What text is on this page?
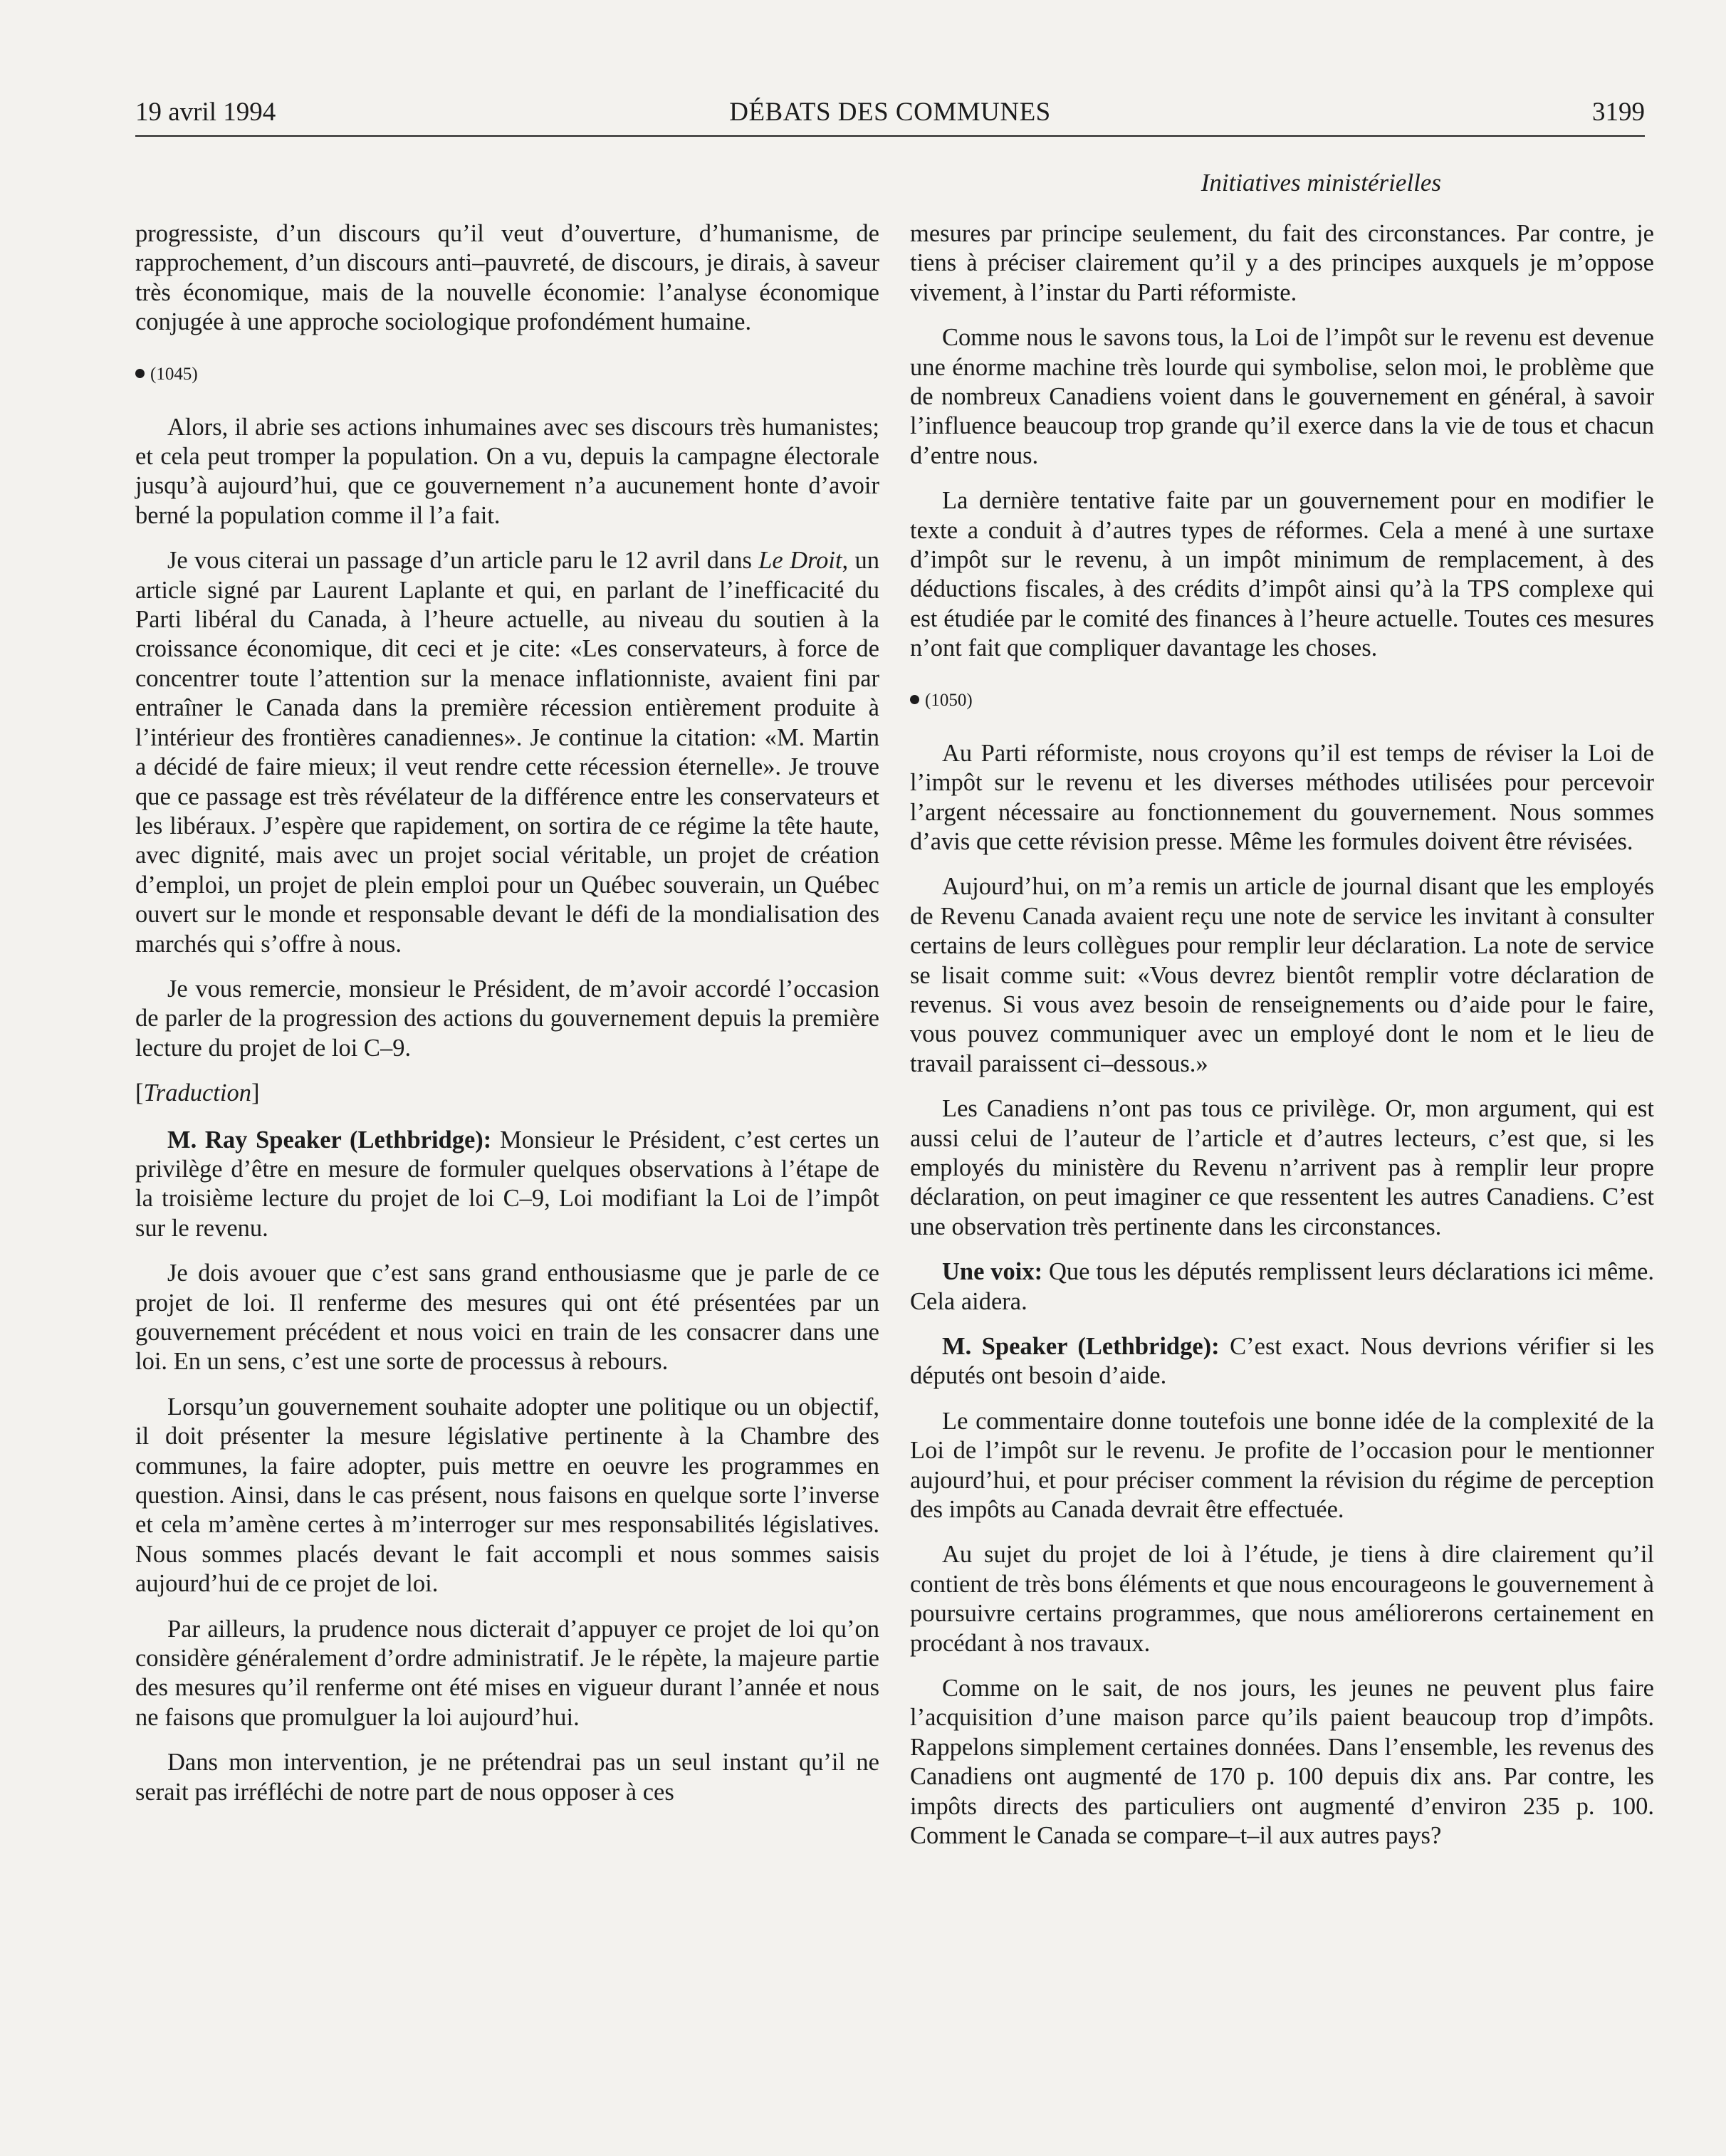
19 avril 1994	DÉBATS DES COMMUNES	3199
Initiatives ministérielles

progressiste, d’un discours qu’il veut d’ouverture, d’humanisme, de rapprochement, d’un discours anti–pauvreté, de discours, je dirais, à saveur très économique, mais de la nouvelle économie: l’analyse économique conjugée à une approche sociologique profondément humaine.

(1045)

Alors, il abrie ses actions inhumaines avec ses discours très humanistes; et cela peut tromper la population. On a vu, depuis la campagne électorale jusqu’à aujourd’hui, que ce gouvernement n’a aucunement honte d’avoir berné la population comme il l’a fait.

Je vous citerai un passage d’un article paru le 12 avril dans Le Droit, un article signé par Laurent Laplante et qui, en parlant de l’inefficacité du Parti libéral du Canada, à l’heure actuelle, au niveau du soutien à la croissance économique, dit ceci et je cite: «Les conservateurs, à force de concentrer toute l’attention sur la menace inflationniste, avaient fini par entraîner le Canada dans la première récession entièrement produite à l’intérieur des frontières canadiennes». Je continue la citation: «M. Martin a décidé de faire mieux; il veut rendre cette récession éternelle». Je trouve que ce passage est très révélateur de la différence entre les conservateurs et les libéraux. J’espère que rapidement, on sortira de ce régime la tête haute, avec dignité, mais avec un projet social véritable, un projet de création d’emploi, un projet de plein emploi pour un Québec souverain, un Québec ouvert sur le monde et responsable devant le défi de la mondialisation des marchés qui s’offre à nous.

Je vous remercie, monsieur le Président, de m’avoir accordé l’occasion de parler de la progression des actions du gouvernement depuis la première lecture du projet de loi C–9.

[Traduction]

M. Ray Speaker (Lethbridge): Monsieur le Président, c’est certes un privilège d’être en mesure de formuler quelques observations à l’étape de la troisième lecture du projet de loi C–9, Loi modifiant la Loi de l’impôt sur le revenu.

Je dois avouer que c’est sans grand enthousiasme que je parle de ce projet de loi. Il renferme des mesures qui ont été présentées par un gouvernement précédent et nous voici en train de les consacrer dans une loi. En un sens, c’est une sorte de processus à rebours.

Lorsqu’un gouvernement souhaite adopter une politique ou un objectif, il doit présenter la mesure législative pertinente à la Chambre des communes, la faire adopter, puis mettre en oeuvre les programmes en question. Ainsi, dans le cas présent, nous faisons en quelque sorte l’inverse et cela m’amène certes à m’interroger sur mes responsabilités législatives. Nous sommes placés devant le fait accompli et nous sommes saisis aujourd’hui de ce projet de loi.

Par ailleurs, la prudence nous dicterait d’appuyer ce projet de loi qu’on considère généralement d’ordre administratif. Je le répète, la majeure partie des mesures qu’il renferme ont été mises en vigueur durant l’année et nous ne faisons que promulguer la loi aujourd’hui.

Dans mon intervention, je ne prétendrai pas un seul instant qu’il ne serait pas irréfléchi de notre part de nous opposer à ces

mesures par principe seulement, du fait des circonstances. Par contre, je tiens à préciser clairement qu’il y a des principes auxquels je m’oppose vivement, à l’instar du Parti réformiste.

Comme nous le savons tous, la Loi de l’impôt sur le revenu est devenue une énorme machine très lourde qui symbolise, selon moi, le problème que de nombreux Canadiens voient dans le gouvernement en général, à savoir l’influence beaucoup trop grande qu’il exerce dans la vie de tous et chacun d’entre nous.

La dernière tentative faite par un gouvernement pour en modifier le texte a conduit à d’autres types de réformes. Cela a mené à une surtaxe d’impôt sur le revenu, à un impôt minimum de remplacement, à des déductions fiscales, à des crédits d’impôt ainsi qu’à la TPS complexe qui est étudiée par le comité des finances à l’heure actuelle. Toutes ces mesures n’ont fait que compliquer davantage les choses.

(1050)

Au Parti réformiste, nous croyons qu’il est temps de réviser la Loi de l’impôt sur le revenu et les diverses méthodes utilisées pour percevoir l’argent nécessaire au fonctionnement du gouvernement. Nous sommes d’avis que cette révision presse. Même les formules doivent être révisées.

Aujourd’hui, on m’a remis un article de journal disant que les employés de Revenu Canada avaient reçu une note de service les invitant à consulter certains de leurs collègues pour remplir leur déclaration. La note de service se lisait comme suit: «Vous devrez bientôt remplir votre déclaration de revenus. Si vous avez besoin de renseignements ou d’aide pour le faire, vous pouvez communiquer avec un employé dont le nom et le lieu de travail paraissent ci–dessous.»

Les Canadiens n’ont pas tous ce privilège. Or, mon argument, qui est aussi celui de l’auteur de l’article et d’autres lecteurs, c’est que, si les employés du ministère du Revenu n’arrivent pas à remplir leur propre déclaration, on peut imaginer ce que ressentent les autres Canadiens. C’est une observation très pertinente dans les circonstances.

Une voix: Que tous les députés remplissent leurs déclarations ici même. Cela aidera.

M. Speaker (Lethbridge): C’est exact. Nous devrions vérifier si les députés ont besoin d’aide.

Le commentaire donne toutefois une bonne idée de la complexité de la Loi de l’impôt sur le revenu. Je profite de l’occasion pour le mentionner aujourd’hui, et pour préciser comment la révision du régime de perception des impôts au Canada devrait être effectuée.

Au sujet du projet de loi à l’étude, je tiens à dire clairement qu’il contient de très bons éléments et que nous encourageons le gouvernement à poursuivre certains programmes, que nous améliorerons certainement en procédant à nos travaux.

Comme on le sait, de nos jours, les jeunes ne peuvent plus faire l’acquisition d’une maison parce qu’ils paient beaucoup trop d’impôts. Rappelons simplement certaines données. Dans l’ensemble, les revenus des Canadiens ont augmenté de 170 p. 100 depuis dix ans. Par contre, les impôts directs des particuliers ont augmenté d’environ 235 p. 100. Comment le Canada se compare–t–il aux autres pays?
